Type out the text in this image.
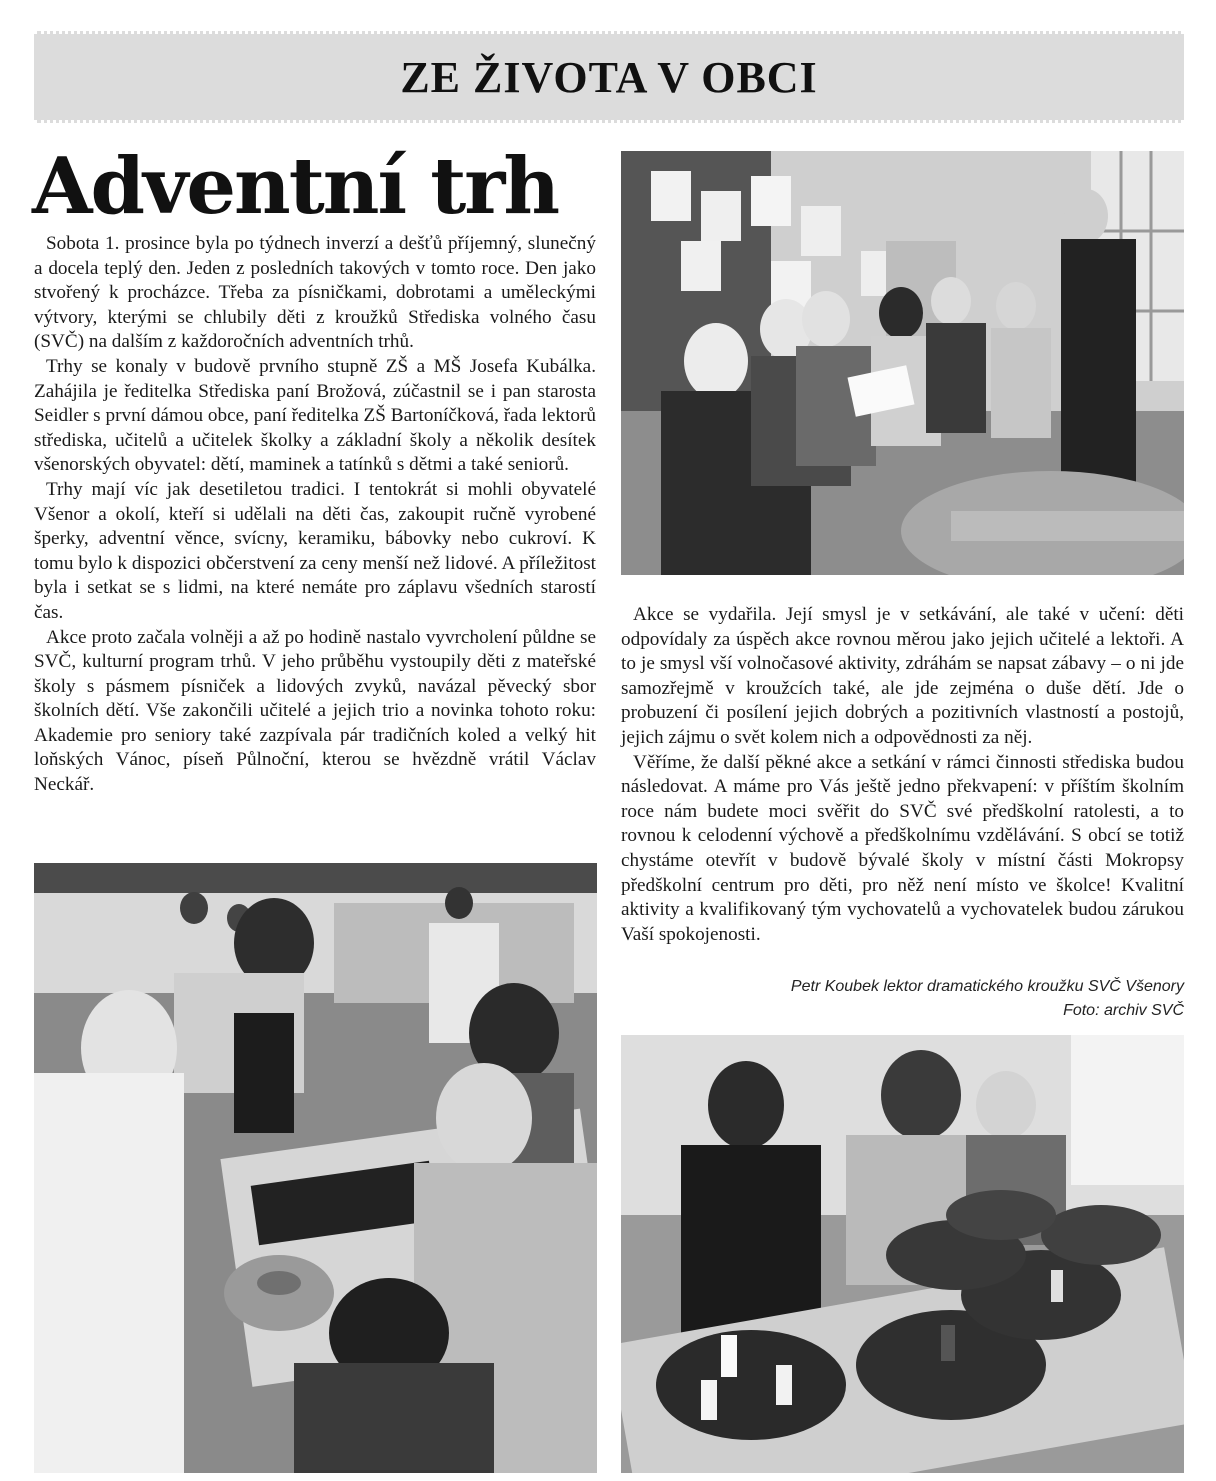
ZE ŽIVOTA V OBCI
Adventní trh

Sobota 1. prosince byla po týdnech inverzí a dešťů příjemný, slunečný a docela teplý den. Jeden z posledních takových v tomto roce. Den jako stvořený k procházce. Třeba za písničkami, dobrotami a uměleckými výtvory, kterými se chlubily děti z kroužků Střediska volného času (SVČ) na dalším z každoročních adventních trhů.

Trhy se konaly v budově prvního stupně ZŠ a MŠ Josefa Kubálka. Zahájila je ředitelka Střediska paní Brožová, zúčastnil se i pan starosta Seidler s první dámou obce, paní ředitelka ZŠ Bartoníčková, řada lektorů střediska, učitelů a učitelek školky a základní školy a několik desítek všenorských obyvatel: dětí, maminek a tatínků s dětmi a také seniorů.

Trhy mají víc jak desetiletou tradici. I tentokrát si mohli obyvatelé Všenor a okolí, kteří si udělali na děti čas, zakoupit ručně vyrobené šperky, adventní věnce, svícny, keramiku, bábovky nebo cukroví. K tomu bylo k dispozici občerstvení za ceny menší než lidové. A příležitost byla i setkat se s lidmi, na které nemáte pro záplavu všedních starostí čas.

Akce proto začala volněji a až po hodině nastalo vyvrcholení půldne se SVČ, kulturní program trhů. V jeho průběhu vystoupily děti z mateřské školy s pásmem písniček a lidových zvyků, navázal pěvecký sbor školních dětí. Vše zakončili učitelé a jejich trio a novinka tohoto roku: Akademie pro seniory také zazpívala pár tradičních koled a velký hit loňských Vánoc, píseň Půlnoční, kterou se hvězdně vrátil Václav Neckář.

Akce se vydařila. Její smysl je v setkávání, ale také v učení: děti odpovídaly za úspěch akce rovnou měrou jako jejich učitelé a lektoři. A to je smysl vší volnočasové aktivity, zdráhám se napsat zábavy – o ni jde samozřejmě v kroužcích také, ale jde zejména o duše dětí. Jde o probuzení či posílení jejich dobrých a pozitivních vlastností a postojů, jejich zájmu o svět kolem nich a odpovědnosti za něj.

Věříme, že další pěkné akce a setkání v rámci činnosti střediska budou následovat. A máme pro Vás ještě jedno překvapení: v příštím školním roce nám budete moci svěřit do SVČ své předškolní ratolesti, a to rovnou k celodenní výchově a předškolnímu vzdělávání. S obcí se totiž chystáme otevřít v budově bývalé školy v místní části Mokropsy předškolní centrum pro děti, pro něž není místo ve školce! Kvalitní aktivity a kvalifikovaný tým vychovatelů a vychovatelek budou zárukou Vaší spokojenosti.

Petr Koubek lektor dramatického kroužku SVČ Všenory
Foto: archiv SVČ
